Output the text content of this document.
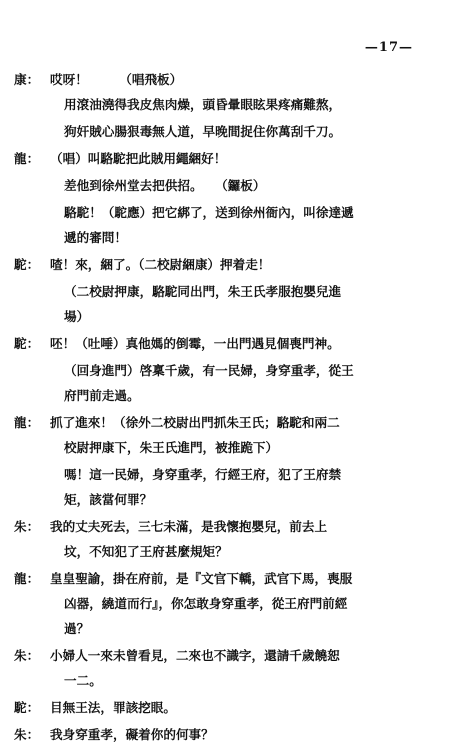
—17—
康： 哎呀！　　　（唱飛板）
用滾油澆得我皮焦肉燥，頭昏暈眼眩果疼痛難熬，
狗奸賊心腸狠毒無人道，早晚間捉住你萬刮千刀。
龍： （唱）叫駱駝把此賊用繩綑好！
差他到徐州堂去把供招。　　（鑼板）
駱駝！（駝應）把它綁了，送到徐州衙內，叫徐達遞
遞的審問！
駝： 喳！來，綑了。（二校尉綑康）押着走！
（二校尉押康，駱駝同出門，朱王氏孝服抱嬰兒進
場）
駝： 呸！（吐唾）真他媽的倒霉，一出門遇見個喪門神。
（回身進門）啓稟千歲，有一民婦，身穿重孝，從王
府門前走過。
龍： 抓了進來！（徐外二校尉出門抓朱王氏；駱駝和兩二
校尉押康下，朱王氏進門，被推跪下）
嗎！這一民婦，身穿重孝，行經王府，犯了王府禁
矩，該當何罪？
朱： 我的丈夫死去，三七未滿，是我懷抱嬰兒，前去上
坟，不知犯了王府甚麼規矩？
龍： 皇皇聖諭，掛在府前，是『文官下轎，武官下馬，喪服
凶器，繞道而行』，你怎敢身穿重孝，從王府門前經
過？
朱： 小婦人一來未曾看見，二來也不識字，還請千歲饒恕
一二。
駝： 目無王法，罪該挖眼。
朱： 我身穿重孝，礙着你的何事？
